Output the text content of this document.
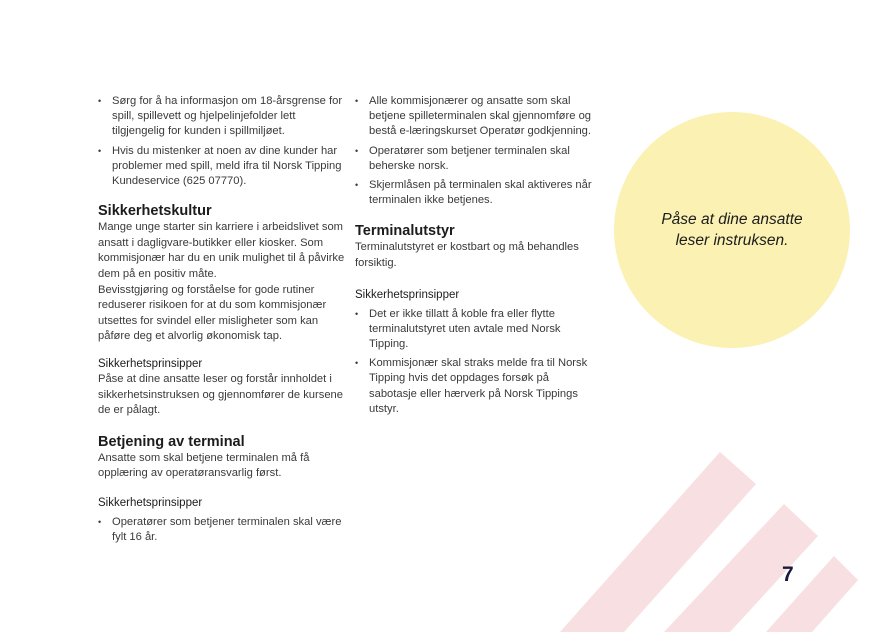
• Sørg for å ha informasjon om 18-årsgrense for spill, spillevett og hjelpelinjefolder lett tilgjengelig for kunden i spillmiljøet.
• Hvis du mistenker at noen av dine kunder har problemer med spill, meld ifra til Norsk Tipping Kundeservice (625 07770).
Sikkerhetskultur

Mange unge starter sin karriere i arbeidslivet som ansatt i dagligvare-butikker eller kiosker. Som kommisjonær har du en unik mulighet til å påvirke dem på en positiv måte.

Bevisstgjøring og forståelse for gode rutiner reduserer risikoen for at du som kommisjonær utsettes for svindel eller misligheter som kan påføre deg et alvorlig økonomisk tap.

Sikkerhetsprinsipper

Påse at dine ansatte leser og forstår innholdet i sikkerhetsinstruksen og gjennomfører de kursene de er pålagt.

Betjening av terminal

Ansatte som skal betjene terminalen må få opplæring av operatøransvarlig først.

Sikkerhetsprinsipper
• Operatører som betjener terminalen skal være fylt 16 år.
• Alle kommisjonærer og ansatte som skal betjene spilleterminalen skal gjennomføre og bestå e-læringskurset Operatør godkjenning.
• Operatører som betjener terminalen skal beherske norsk.
• Skjermlåsen på terminalen skal aktiveres når terminalen ikke betjenes.
Terminalutstyr

Terminalutstyret er kostbart og må behandles forsiktig.

Sikkerhetsprinsipper
• Det er ikke tillatt å koble fra eller flytte terminalutstyret uten avtale med Norsk Tipping.
• Kommisjonær skal straks melde fra til Norsk Tipping hvis det oppdages forsøk på sabotasje eller hærverk på Norsk Tippings utstyr.
Påse at dine ansatte leser instruksen.
7
